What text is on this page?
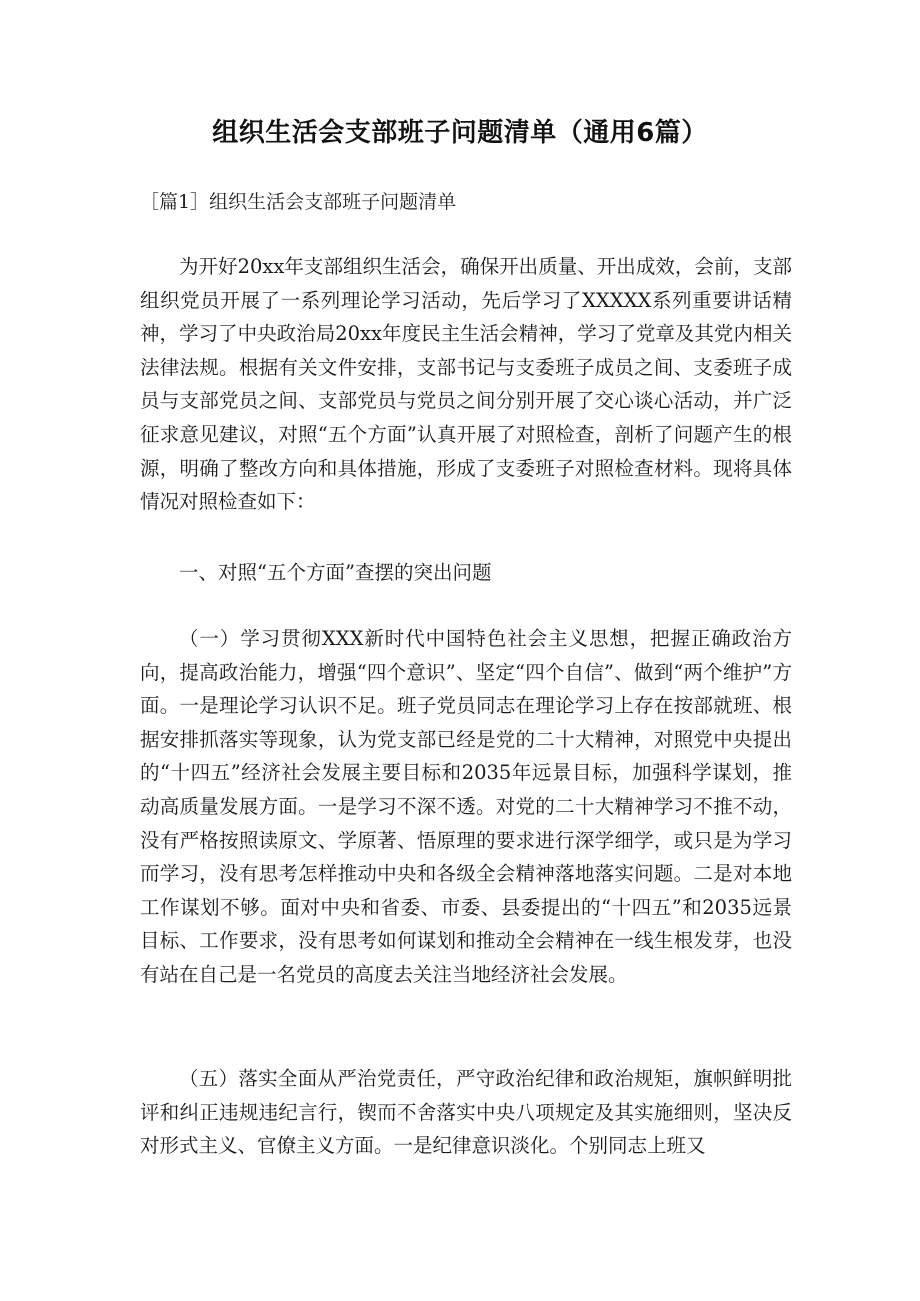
组织生活会支部班子问题清单（通用6篇）

［篇1］组织生活会支部班子问题清单

为开好20xx年支部组织生活会，确保开出质量、开出成效，会前，支部组织党员开展了一系列理论学习活动，先后学习了XXXXX系列重要讲话精神，学习了中央政治局20xx年度民主生活会精神，学习了党章及其党内相关法律法规。根据有关文件安排，支部书记与支委班子成员之间、支委班子成员与支部党员之间、支部党员与党员之间分别开展了交心谈心活动，并广泛征求意见建议，对照“五个方面”认真开展了对照检查，剖析了问题产生的根源，明确了整改方向和具体措施，形成了支委班子对照检查材料。现将具体情况对照检查如下：

一、对照“五个方面”查摆的突出问题

（一）学习贯彻XXX新时代中国特色社会主义思想，把握正确政治方向，提高政治能力，增强“四个意识”、坚定“四个自信”、做到“两个维护”方面。一是理论学习认识不足。班子党员同志在理论学习上存在按部就班、根据安排抓落实等现象，认为党支部已经是党的二十大精神，对照党中央提出的“十四五”经济社会发展主要目标和2035年远景目标，加强科学谋划，推动高质量发展方面。一是学习不深不透。对党的二十大精神学习不推不动，没有严格按照读原文、学原著、悟原理的要求进行深学细学，或只是为学习而学习，没有思考怎样推动中央和各级全会精神落地落实问题。二是对本地工作谋划不够。面对中央和省委、市委、县委提出的“十四五”和2035远景目标、工作要求，没有思考如何谋划和推动全会精神在一线生根发芽，也没有站在自己是一名党员的高度去关注当地经济社会发展。

（五）落实全面从严治党责任，严守政治纪律和政治规矩，旗帜鲜明批评和纠正违规违纪言行，锲而不舍落实中央八项规定及其实施细则，坚决反对形式主义、官僚主义方面。一是纪律意识淡化。个别同志上班又
